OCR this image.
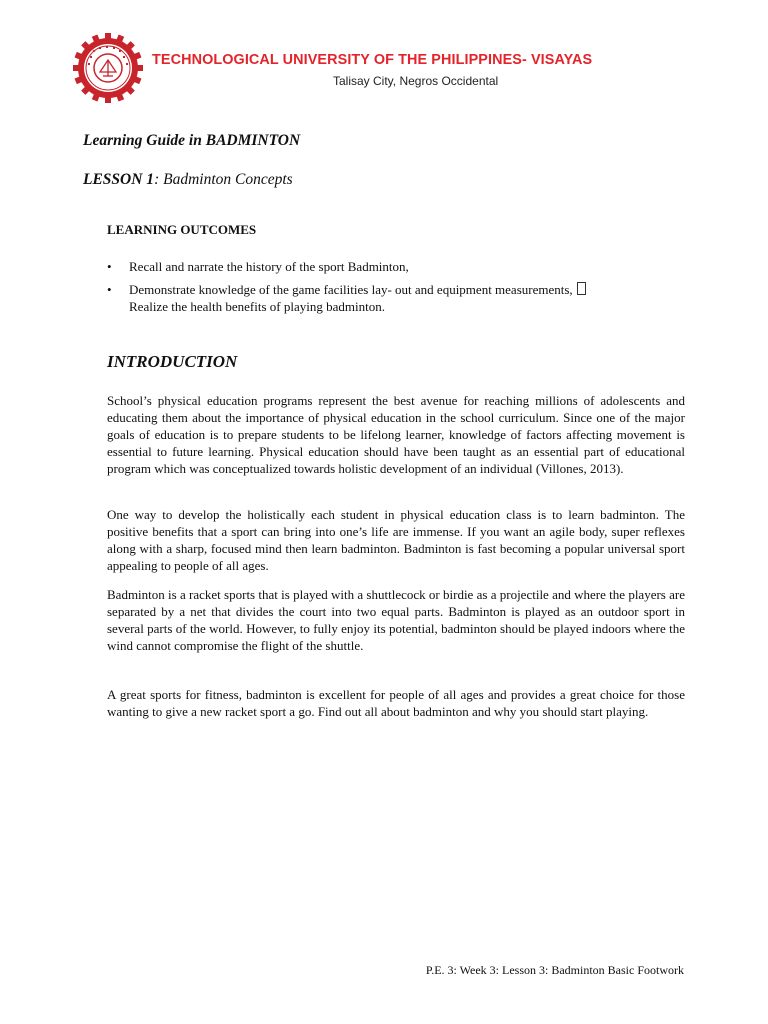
TECHNOLOGICAL UNIVERSITY OF THE PHILIPPINES- VISAYAS
Talisay City, Negros Occidental
Learning Guide in BADMINTON
LESSON 1: Badminton Concepts
LEARNING OUTCOMES
• Recall and narrate the history of the sport Badminton,
• Demonstrate knowledge of the game facilities lay- out and equipment measurements,
Realize the health benefits of playing badminton.
INTRODUCTION

School’s physical education programs represent the best avenue for reaching millions of adolescents and educating them about the importance of physical education in the school curriculum. Since one of the major goals of education is to prepare students to be lifelong learner, knowledge of factors affecting movement is essential to future learning. Physical education should have been taught as an essential part of educational program which was conceptualized towards holistic development of an individual (Villones, 2013).

One way to develop the holistically each student in physical education class is to learn badminton. The positive benefits that a sport can bring into one’s life are immense. If you want an agile body, super reflexes along with a sharp, focused mind then learn badminton. Badminton is fast becoming a popular universal sport appealing to people of all ages.

Badminton is a racket sports that is played with a shuttlecock or birdie as a projectile and where the players are separated by a net that divides the court into two equal parts. Badminton is played as an outdoor sport in several parts of the world. However, to fully enjoy its potential, badminton should be played indoors where the wind cannot compromise the flight of the shuttle.

A great sports for fitness, badminton is excellent for people of all ages and provides a great choice for those wanting to give a new racket sport a go. Find out all about badminton and why you should start playing.

P.E. 3: Week 3: Lesson 3: Badminton Basic Footwork
